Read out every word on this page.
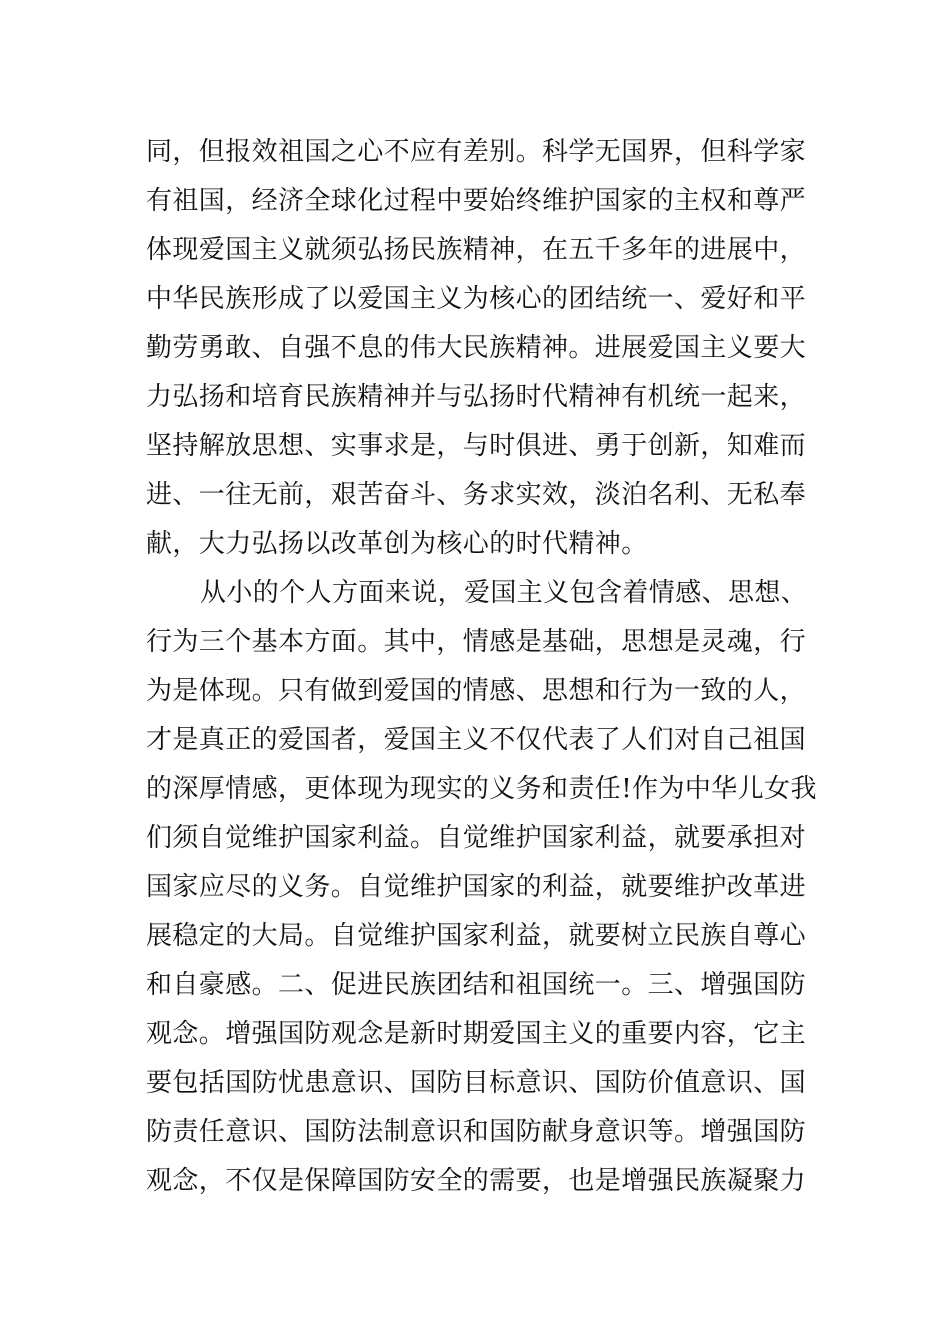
同，但报效祖国之心不应有差别。科学无国界，但科学家
有祖国，经济全球化过程中要始终维护国家的主权和尊严
体现爱国主义就须弘扬民族精神，在五千多年的进展中，
中华民族形成了以爱国主义为核心的团结统一、爱好和平
勤劳勇敢、自强不息的伟大民族精神。进展爱国主义要大
力弘扬和培育民族精神并与弘扬时代精神有机统一起来，
坚持解放思想、实事求是，与时俱进、勇于创新，知难而
进、一往无前，艰苦奋斗、务求实效，淡泊名利、无私奉
献，大力弘扬以改革创为核心的时代精神。
从小的个人方面来说，爱国主义包含着情感、思想、
行为三个基本方面。其中，情感是基础，思想是灵魂，行
为是体现。只有做到爱国的情感、思想和行为一致的人，
才是真正的爱国者，爱国主义不仅代表了人们对自己祖国
的深厚情感，更体现为现实的义务和责任!作为中华儿女我
们须自觉维护国家利益。自觉维护国家利益，就要承担对
国家应尽的义务。自觉维护国家的利益，就要维护改革进
展稳定的大局。自觉维护国家利益，就要树立民族自尊心
和自豪感。二、促进民族团结和祖国统一。三、增强国防
观念。增强国防观念是新时期爱国主义的重要内容，它主
要包括国防忧患意识、国防目标意识、国防价值意识、国
防责任意识、国防法制意识和国防献身意识等。增强国防
观念，不仅是保障国防安全的需要，也是增强民族凝聚力
